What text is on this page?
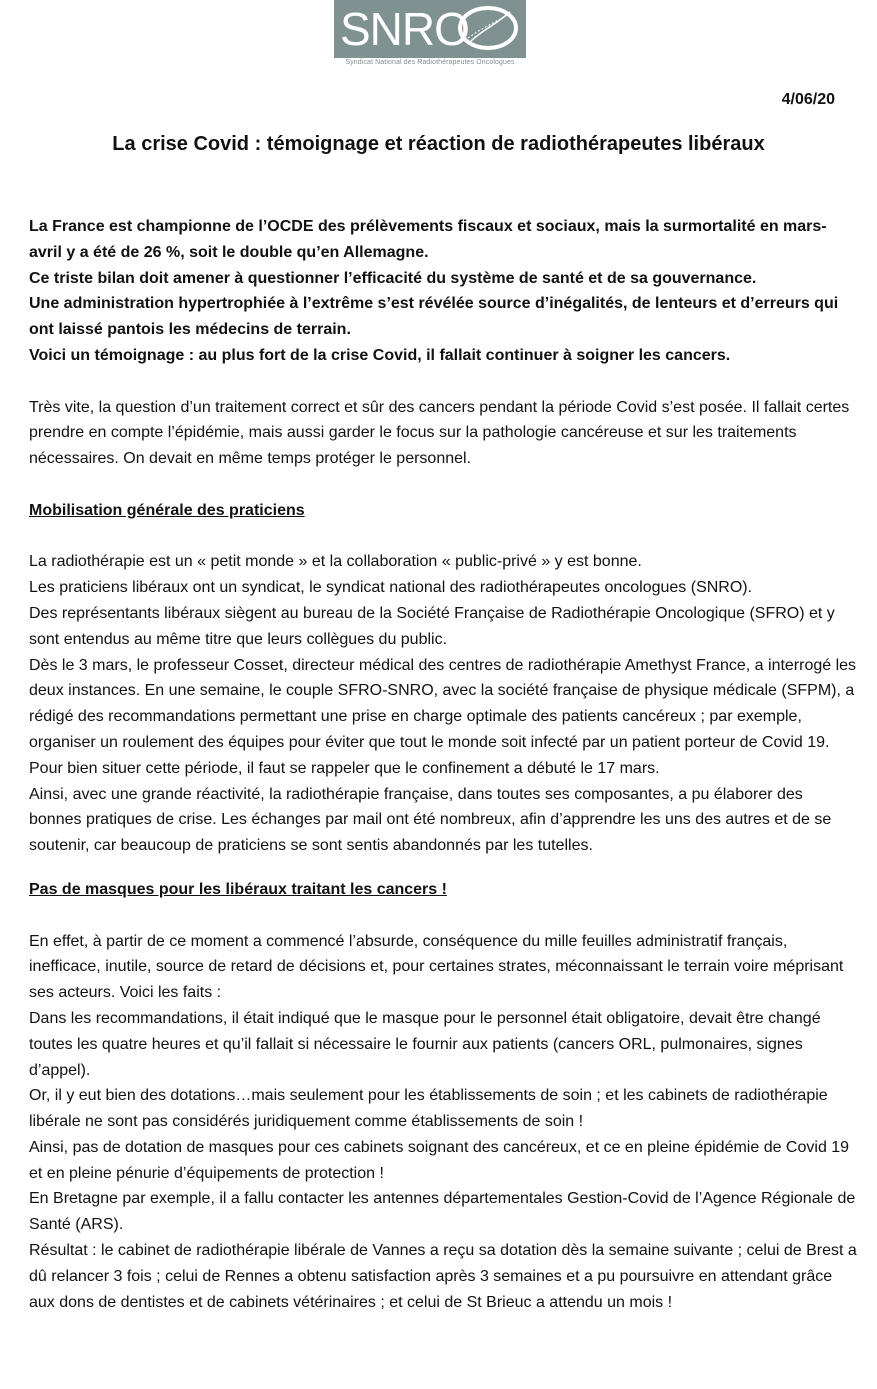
SNRO
Syndicat National des Radiothérapeutes Oncologues
4/06/20
La crise Covid : témoignage et réaction de radiothérapeutes libéraux

La France est championne de l’OCDE des prélèvements fiscaux et sociaux, mais la surmortalité en mars-avril y a été de 26 %, soit le double qu’en Allemagne.

Ce triste bilan doit amener à questionner l’efficacité du système de santé et de sa gouvernance.

Une administration hypertrophiée à l’extrême s’est révélée source d’inégalités, de lenteurs et d’erreurs qui ont laissé pantois les médecins de terrain.

Voici un témoignage : au plus fort de la crise Covid, il fallait continuer à soigner les cancers.

Très vite, la question d’un traitement correct et sûr des cancers pendant la période Covid s’est posée. Il fallait certes prendre en compte l’épidémie, mais aussi garder le focus sur la pathologie cancéreuse et sur les traitements nécessaires. On devait en même temps protéger le personnel.

Mobilisation générale des praticiens

La radiothérapie est un « petit monde » et la collaboration « public-privé » y est bonne.

Les praticiens libéraux ont un syndicat, le syndicat national des radiothérapeutes oncologues (SNRO).

Des représentants libéraux siègent au bureau de la Société Française de Radiothérapie Oncologique (SFRO) et y sont entendus au même titre que leurs collègues du public.

Dès le 3 mars, le professeur Cosset, directeur médical des centres de radiothérapie Amethyst France, a interrogé les deux instances. En une semaine, le couple SFRO-SNRO, avec la société française de physique médicale (SFPM), a rédigé des recommandations permettant une prise en charge optimale des patients cancéreux ; par exemple, organiser un roulement des équipes pour éviter que tout le monde soit infecté par un patient porteur de Covid 19.

Pour bien situer cette période, il faut se rappeler que le confinement a débuté le 17 mars.

Ainsi, avec une grande réactivité, la radiothérapie française, dans toutes ses composantes, a pu élaborer des bonnes pratiques de crise. Les échanges par mail ont été nombreux, afin d’apprendre les uns des autres et de se soutenir, car beaucoup de praticiens se sont sentis abandonnés par les tutelles.

Pas de masques pour les libéraux traitant les cancers !

En effet, à partir de ce moment a commencé l’absurde, conséquence du mille feuilles administratif français, inefficace, inutile, source de retard de décisions et, pour certaines strates, méconnaissant le terrain voire méprisant ses acteurs. Voici les faits :

Dans les recommandations, il était indiqué que le masque pour le personnel était obligatoire, devait être changé toutes les quatre heures et qu’il fallait si nécessaire le fournir aux patients (cancers ORL, pulmonaires, signes d’appel).

Or, il y eut bien des dotations…mais seulement pour les établissements de soin ; et les cabinets de radiothérapie libérale ne sont pas considérés juridiquement comme établissements de soin !

Ainsi, pas de dotation de masques pour ces cabinets soignant des cancéreux, et ce en pleine épidémie de Covid 19 et en pleine pénurie d’équipements de protection !

En Bretagne par exemple, il a fallu contacter les antennes départementales Gestion-Covid de l’Agence Régionale de Santé (ARS).

Résultat : le cabinet de radiothérapie libérale de Vannes a reçu sa dotation dès la semaine suivante ; celui de Brest a dû relancer 3 fois ; celui de Rennes a obtenu satisfaction après 3 semaines et a pu poursuivre en attendant grâce aux dons de dentistes et de cabinets vétérinaires ; et celui de St Brieuc a attendu un mois !
